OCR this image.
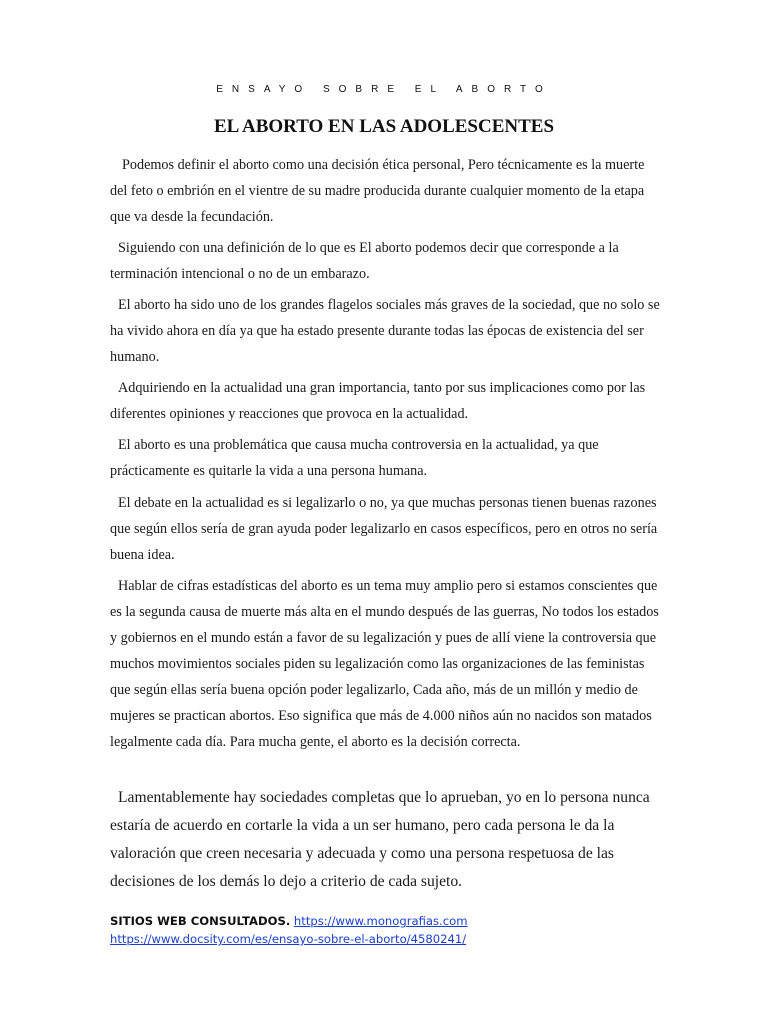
ENSAYO SOBRE EL ABORTO
EL ABORTO EN LAS ADOLESCENTES

Podemos definir el aborto como una decisión ética personal, Pero técnicamente es la muerte del feto o embrión en el vientre de su madre producida durante cualquier momento de la etapa que va desde la fecundación.

Siguiendo con una definición de lo que es El aborto podemos decir que corresponde a la terminación intencional o no de un embarazo.

El aborto ha sido uno de los grandes flagelos sociales más graves de la sociedad, que no solo se ha vivido ahora en día ya que ha estado presente durante todas las épocas de existencia del ser humano.

Adquiriendo en la actualidad una gran importancia, tanto por sus implicaciones como por las diferentes opiniones y reacciones que provoca en la actualidad.

El aborto es una problemática que causa mucha controversia en la actualidad, ya que prácticamente es quitarle la vida a una persona humana.

El debate en la actualidad es si legalizarlo o no, ya que muchas personas tienen buenas razones que según ellos sería de gran ayuda poder legalizarlo en casos específicos, pero en otros no sería buena idea.

Hablar de cifras estadísticas del aborto es un tema muy amplio pero si estamos conscientes que es la segunda causa de muerte más alta en el mundo después de las guerras, No todos los estados y gobiernos en el mundo están a favor de su legalización y pues de allí viene la controversia que muchos movimientos sociales piden su legalización como las organizaciones de las feministas que según ellas sería buena opción poder legalizarlo, Cada año, más de un millón y medio de mujeres se practican abortos. Eso significa que más de 4.000 niños aún no nacidos son matados legalmente cada día. Para mucha gente, el aborto es la decisión correcta.

Lamentablemente hay sociedades completas que lo aprueban, yo en lo persona nunca estaría de acuerdo en cortarle la vida a un ser humano, pero cada persona le da la valoración que creen necesaria y adecuada y como una persona respetuosa de las decisiones de los demás lo dejo a criterio de cada sujeto.

SITIOS WEB CONSULTADOS. https://www.monografias.com
https://www.docsity.com/es/ensayo-sobre-el-aborto/4580241/
